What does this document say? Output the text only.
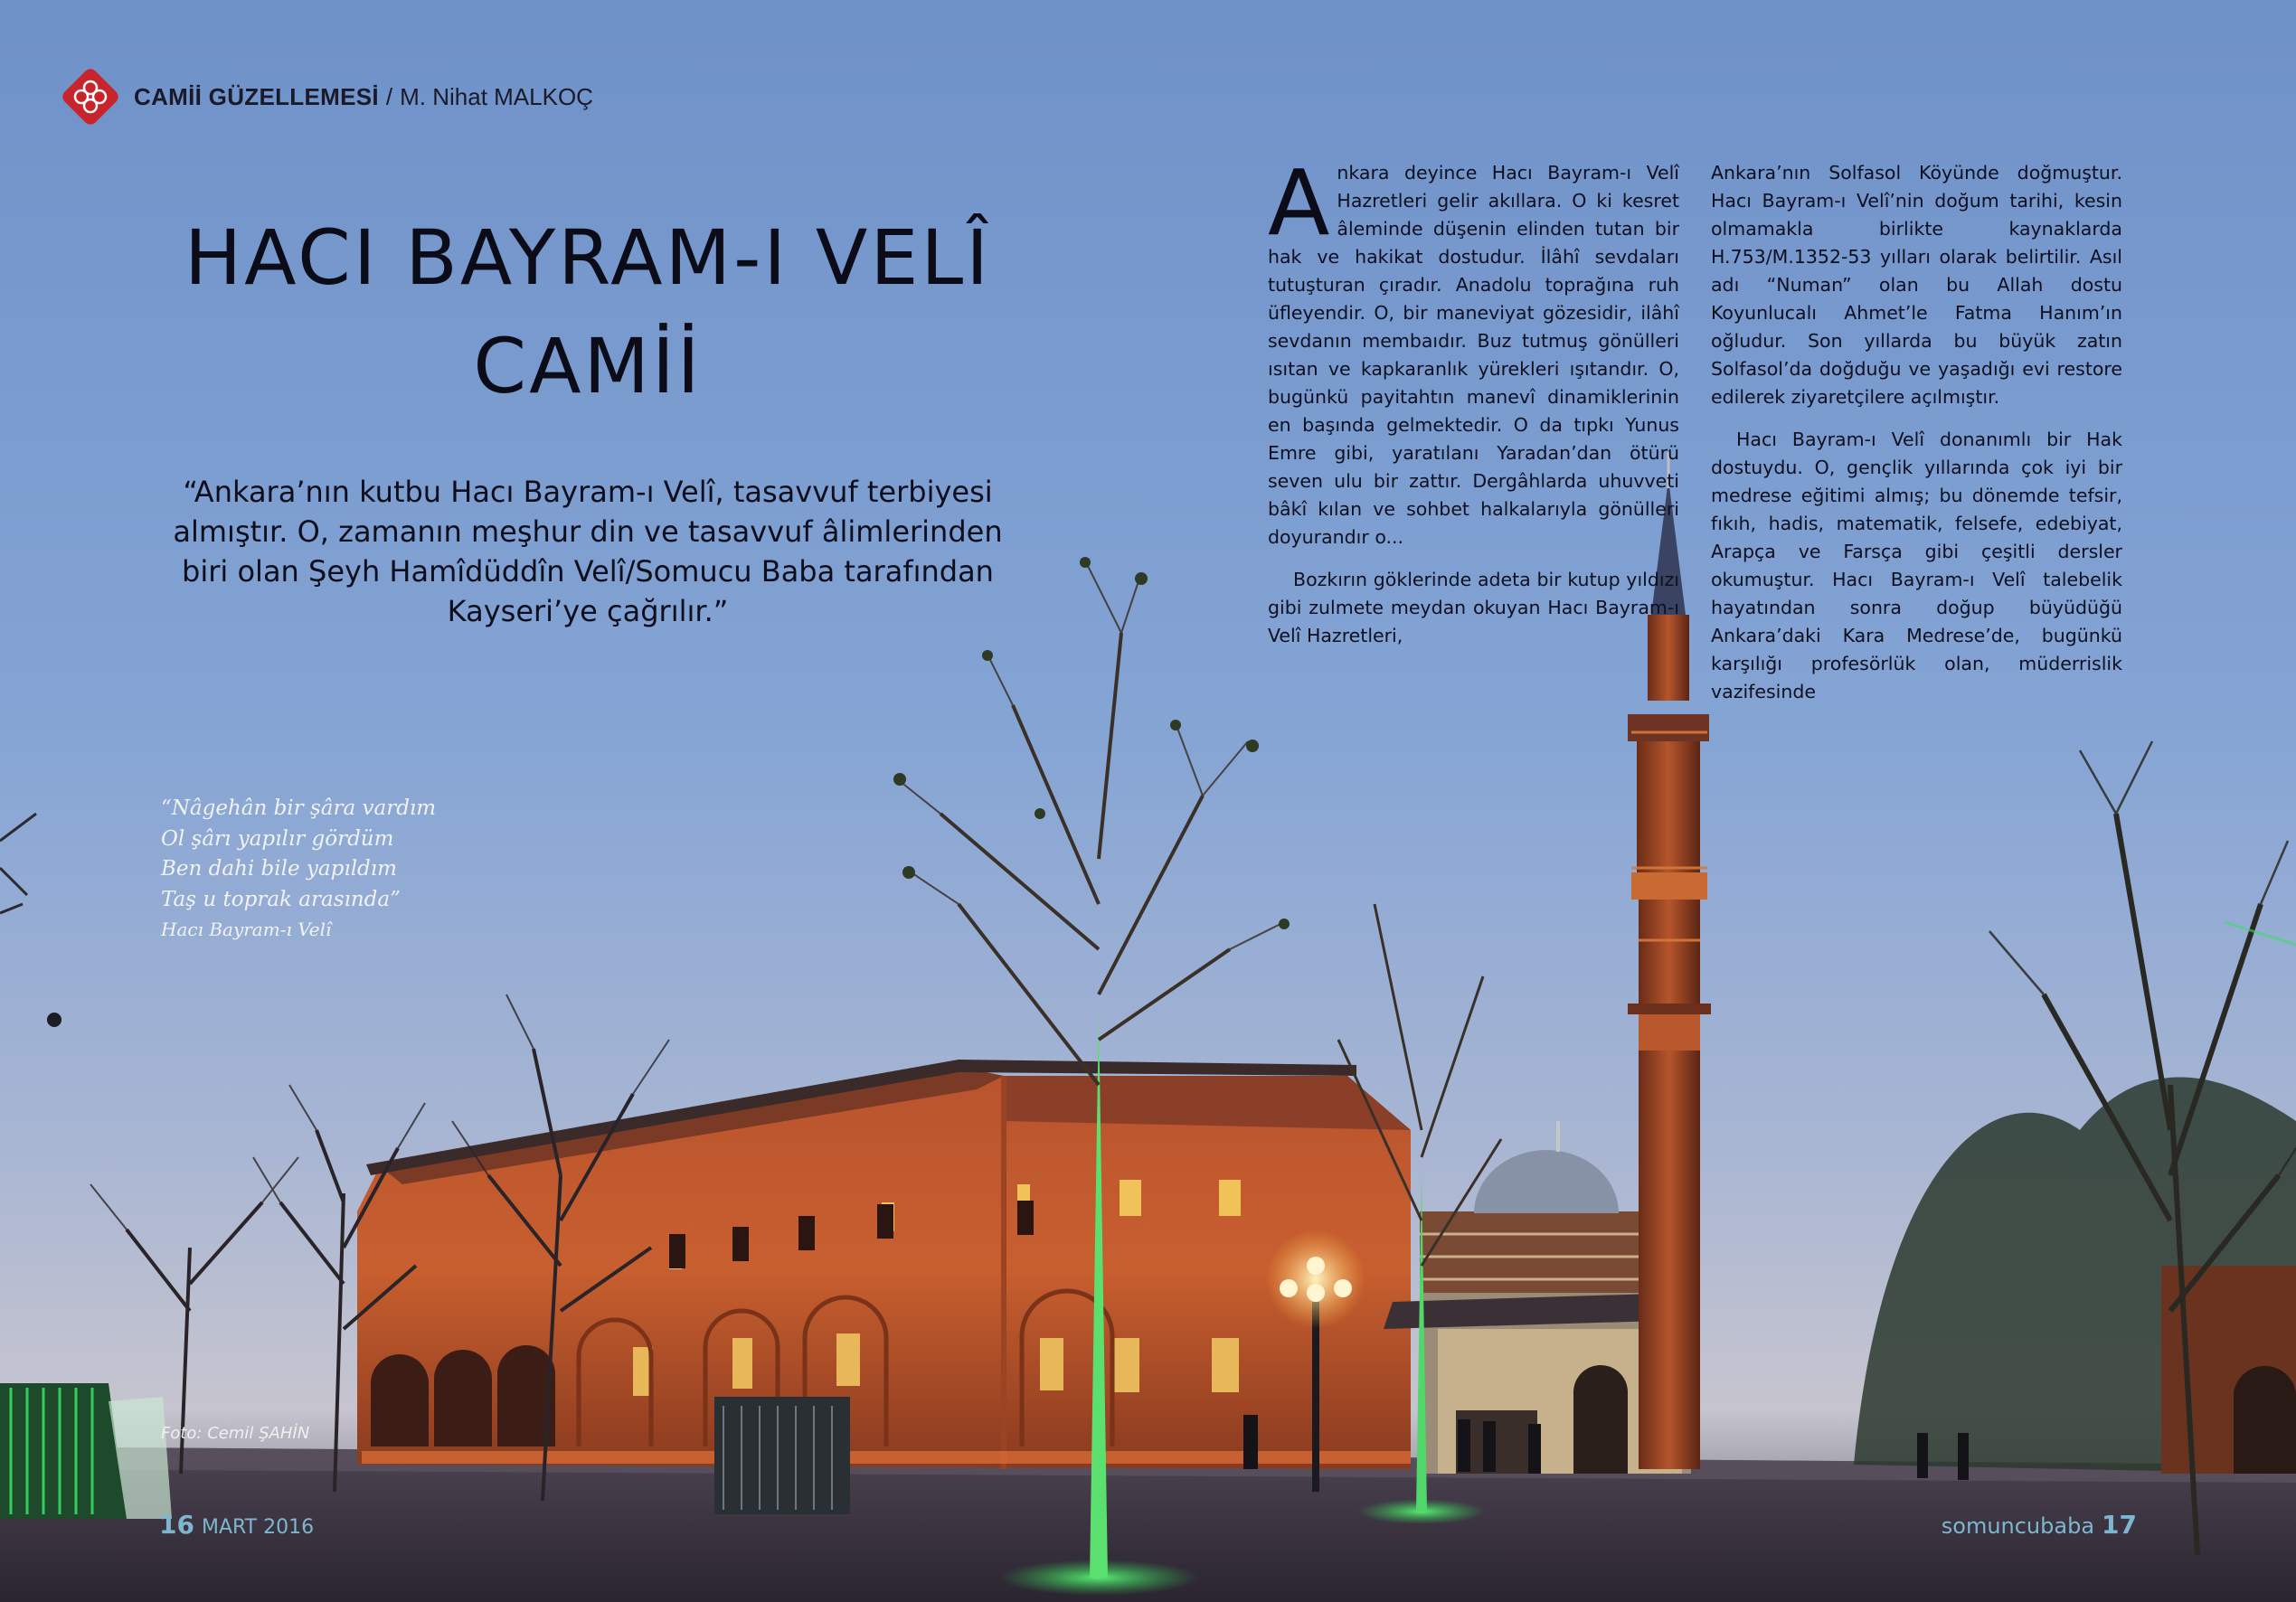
CAMİİ GÜZELLEMESİ / M. Nihat MALKOÇ
HACI BAYRAM-I VELÎ
CAMİİ
“Ankara’nın kutbu Hacı Bayram-ı Velî, tasavvuf terbiyesi almıştır. O, zamanın meşhur din ve tasavvuf âlimlerinden biri olan Şeyh Hamîdüddîn Velî/Somucu Baba tarafından Kayseri’ye çağrılır.”

Ankara deyince Hacı Bayram-ı Velî Hazretleri gelir akıllara. O ki kesret âleminde düşenin elinden tutan bir hak ve hakikat dostudur. İlâhî sevdaları tutuşturan çıradır. Anadolu toprağına ruh üfleyendir. O, bir maneviyat gözesidir, ilâhî sevdanın membaıdır. Buz tutmuş gönülleri ısıtan ve kapkaranlık yürekleri ışıtandır. O, bugünkü payitahtın manevî dinamiklerinin en başında gelmektedir. O da tıpkı Yunus Emre gibi, yaratılanı Yaradan’dan ötürü seven ulu bir zattır. Dergâhlarda uhuvveti bâkî kılan ve sohbet halkalarıyla gönülleri doyurandır o...

Bozkırın göklerinde adeta bir kutup yıldızı gibi zulmete meydan okuyan Hacı Bayram-ı Velî Hazretleri,

Ankara’nın Solfasol Köyünde doğmuştur. Hacı Bayram-ı Velî’nin doğum tarihi, kesin olmamakla birlikte kaynaklarda H.753/M.1352-53 yılları olarak belirtilir. Asıl adı “Numan” olan bu Allah dostu Koyunlucalı Ahmet’le Fatma Hanım’ın oğludur. Son yıllarda bu büyük zatın Solfasol’da doğduğu ve yaşadığı evi restore edilerek ziyaretçilere açılmıştır.

Hacı Bayram-ı Velî donanımlı bir Hak dostuydu. O, gençlik yıllarında çok iyi bir medrese eğitimi almış; bu dönemde tefsir, fıkıh, hadis, matematik, felsefe, edebiyat, Arapça ve Farsça gibi çeşitli dersler okumuştur. Hacı Bayram-ı Velî talebelik hayatından sonra doğup büyüdüğü Ankara’daki Kara Medrese’de, bugünkü karşılığı profesörlük olan, müderrislik vazifesinde

“Nâgehân bir şâra vardım
Ol şârı yapılır gördüm
Ben dahi bile yapıldım
Taş u toprak arasında”
Hacı Bayram-ı Velî
Foto: Cemil ŞAHİN
16 MART 2016	somuncubaba 17
